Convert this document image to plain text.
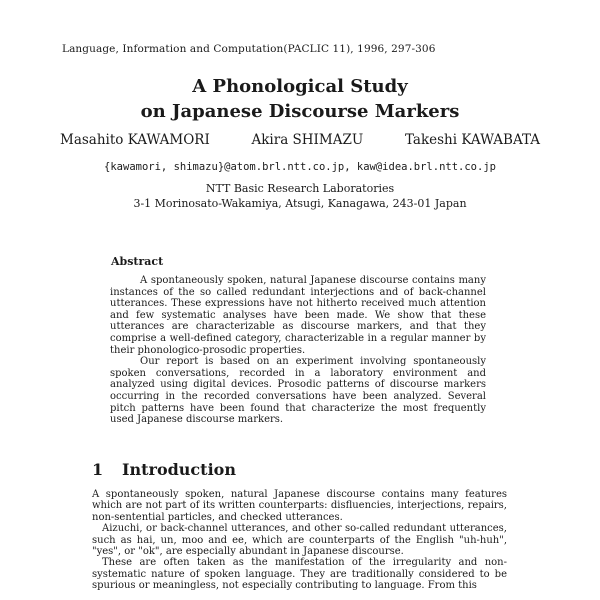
Language, Information and Computation(PACLIC 11), 1996, 297-306
A Phonological Study
on Japanese Discourse Markers
Masahito KAWAMORI	Akira SHIMAZU	Takeshi KAWABATA
{kawamori, shimazu}@atom.brl.ntt.co.jp, kaw@idea.brl.ntt.co.jp
NTT Basic Research Laboratories
3-1 Morinosato-Wakamiya, Atsugi, Kanagawa, 243-01 Japan
Abstract

A spontaneously spoken, natural Japanese discourse contains many instances of the so called redundant interjections and of back-channel utterances. These expressions have not hitherto received much attention and few systematic analyses have been made. We show that these utterances are characterizable as discourse markers, and that they comprise a well-defined category, characterizable in a regular manner by their phonologico-prosodic properties.

Our report is based on an experiment involving spontaneously spoken conversations, recorded in a laboratory environment and analyzed using digital devices. Prosodic patterns of discourse markers occurring in the recorded conversations have been analyzed. Several pitch patterns have been found that characterize the most frequently used Japanese discourse markers.

1 Introduction

A spontaneously spoken, natural Japanese discourse contains many features which are not part of its written counterparts: disfluencies, interjections, repairs, non-sentential particles, and checked utterances.

Aizuchi, or back-channel utterances, and other so-called redundant utterances, such as hai, un, moo and ee, which are counterparts of the English "uh-huh", "yes", or "ok", are especially abundant in Japanese discourse.

These are often taken as the manifestation of the irregularity and non-systematic nature of spoken language. They are traditionally considered to be spurious or meaningless, not especially contributing to language. From this
